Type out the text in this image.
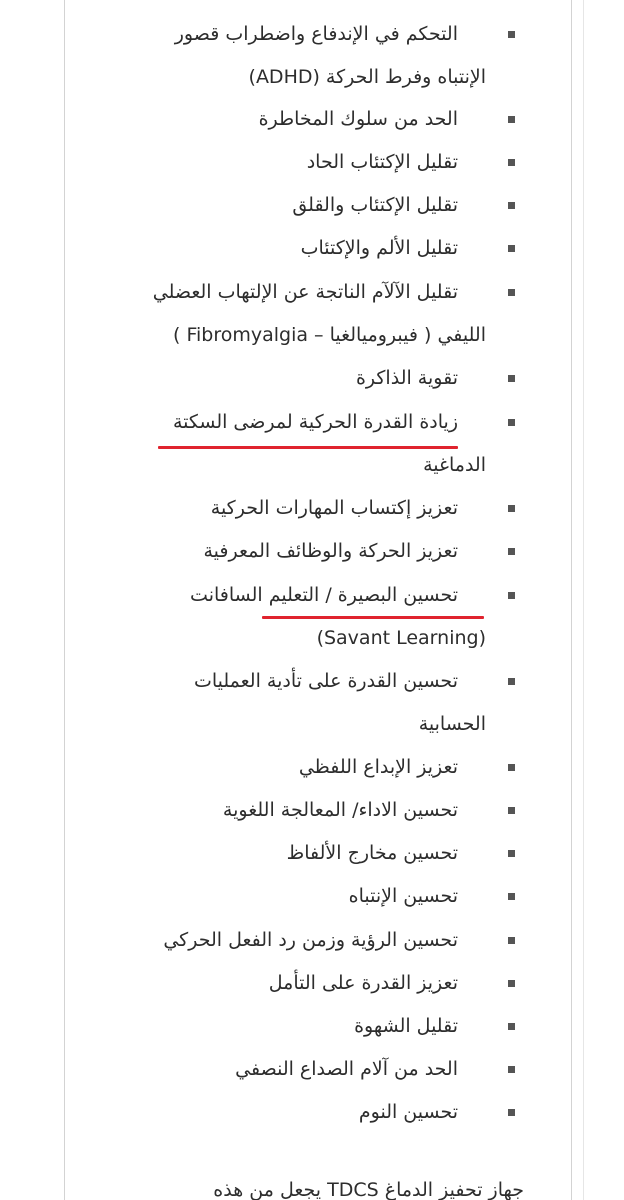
التحكم في الإندفاع واضطراب قصور
الإنتباه وفرط الحركة (ADHD)
الحد من سلوك المخاطرة
تقليل الإكتئاب الحاد
تقليل الإكتئاب والقلق
تقليل الألم والإكتئاب
تقليل الآلآم الناتجة عن الإلتهاب العضلي
الليفي ( فيبروميالغيا – Fibromyalgia )
تقوية الذاكرة
زيادة القدرة الحركية لمرضى السكتة
الدماغية
تعزيز إكتساب المهارات الحركية
تعزيز الحركة والوظائف المعرفية
تحسين البصيرة / التعليم السافانت
(Savant Learning)
تحسين القدرة على تأدية العمليات
الحسابية
تعزيز الإبداع اللفظي
تحسين الاداء/ المعالجة اللغوية
تحسين مخارج الألفاظ
تحسين الإنتباه
تحسين الرؤية وزمن رد الفعل الحركي
تعزيز القدرة على التأمل
تقليل الشهوة
الحد من آلام الصداع النصفي
تحسين النوم
جهاز تحفيز الدماغ TDCS يجعل من هذه
